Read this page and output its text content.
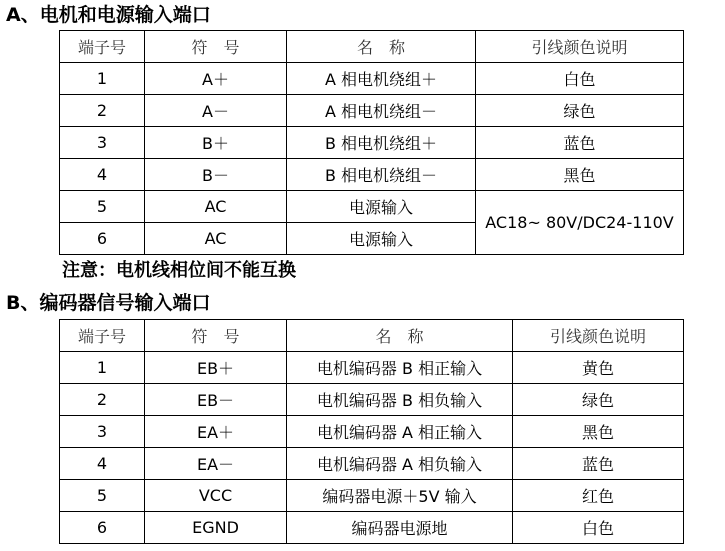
A、电机和电源输入端口
端子号	符　号	名　称	引线颜色说明
1	A＋	A 相电机绕组＋	白色
2	A－	A 相电机绕组－	绿色
3	B＋	B 相电机绕组＋	蓝色
4	B－	B 相电机绕组－	黑色
5	AC	电源输入	AC18~ 80V/DC24-110V
6	AC	电源输入	
注意：电机线相位间不能互换
B、编码器信号输入端口
端子号	符　号	名　称	引线颜色说明
1	EB＋	电机编码器 B 相正输入	黄色
2	EB－	电机编码器 B 相负输入	绿色
3	EA＋	电机编码器 A 相正输入	黑色
4	EA－	电机编码器 A 相负输入	蓝色
5	VCC	编码器电源＋5V 输入	红色
6	EGND	编码器电源地	白色
